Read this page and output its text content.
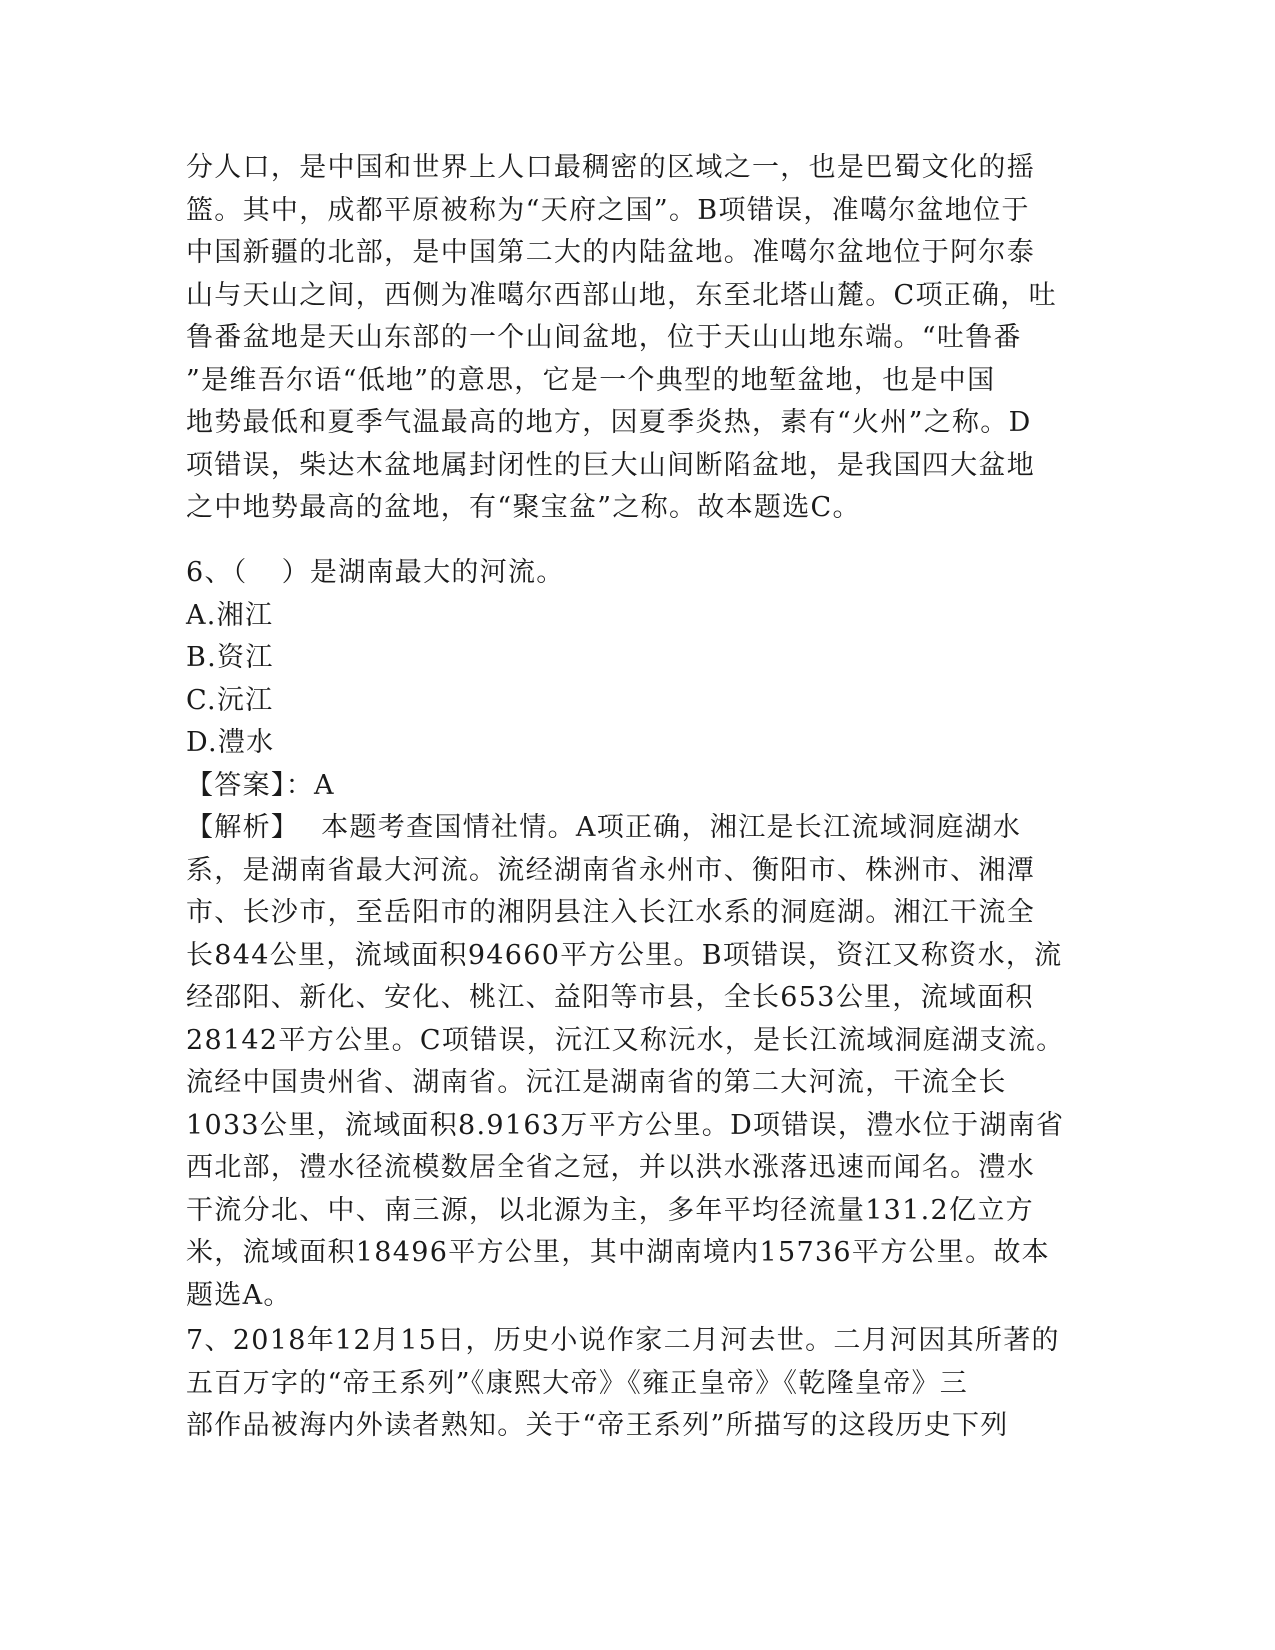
分人口，是中国和世界上人口最稠密的区域之一，也是巴蜀文化的摇
篮。其中，成都平原被称为“天府之国”。B项错误，准噶尔盆地位于
中国新疆的北部，是中国第二大的内陆盆地。准噶尔盆地位于阿尔泰
山与天山之间，西侧为准噶尔西部山地，东至北塔山麓。C项正确，吐
鲁番盆地是天山东部的一个山间盆地，位于天山山地东端。“吐鲁番
”是维吾尔语“低地”的意思，它是一个典型的地堑盆地，也是中国
地势最低和夏季气温最高的地方，因夏季炎热，素有“火州”之称。D
项错误，柴达木盆地属封闭性的巨大山间断陷盆地，是我国四大盆地
之中地势最高的盆地，有“聚宝盆”之称。故本题选C。
6、（ ）是湖南最大的河流。
A.湘江
B.资江
C.沅江
D.澧水
【答案】：A
【解析】 本题考查国情社情。A项正确，湘江是长江流域洞庭湖水
系，是湖南省最大河流。流经湖南省永州市、衡阳市、株洲市、湘潭
市、长沙市，至岳阳市的湘阴县注入长江水系的洞庭湖。湘江干流全
长844公里，流域面积94660平方公里。B项错误，资江又称资水，流
经邵阳、新化、安化、桃江、益阳等市县，全长653公里，流域面积
28142平方公里。C项错误，沅江又称沅水，是长江流域洞庭湖支流。
流经中国贵州省、湖南省。沅江是湖南省的第二大河流，干流全长
1033公里，流域面积8.9163万平方公里。D项错误，澧水位于湖南省
西北部，澧水径流模数居全省之冠，并以洪水涨落迅速而闻名。澧水
干流分北、中、南三源，以北源为主，多年平均径流量131.2亿立方
米，流域面积18496平方公里，其中湖南境内15736平方公里。故本
题选A。
7、2018年12月15日，历史小说作家二月河去世。二月河因其所著的
五百万字的“帝王系列”《康熙大帝》《雍正皇帝》《乾隆皇帝》三
部作品被海内外读者熟知。关于“帝王系列”所描写的这段历史下列
